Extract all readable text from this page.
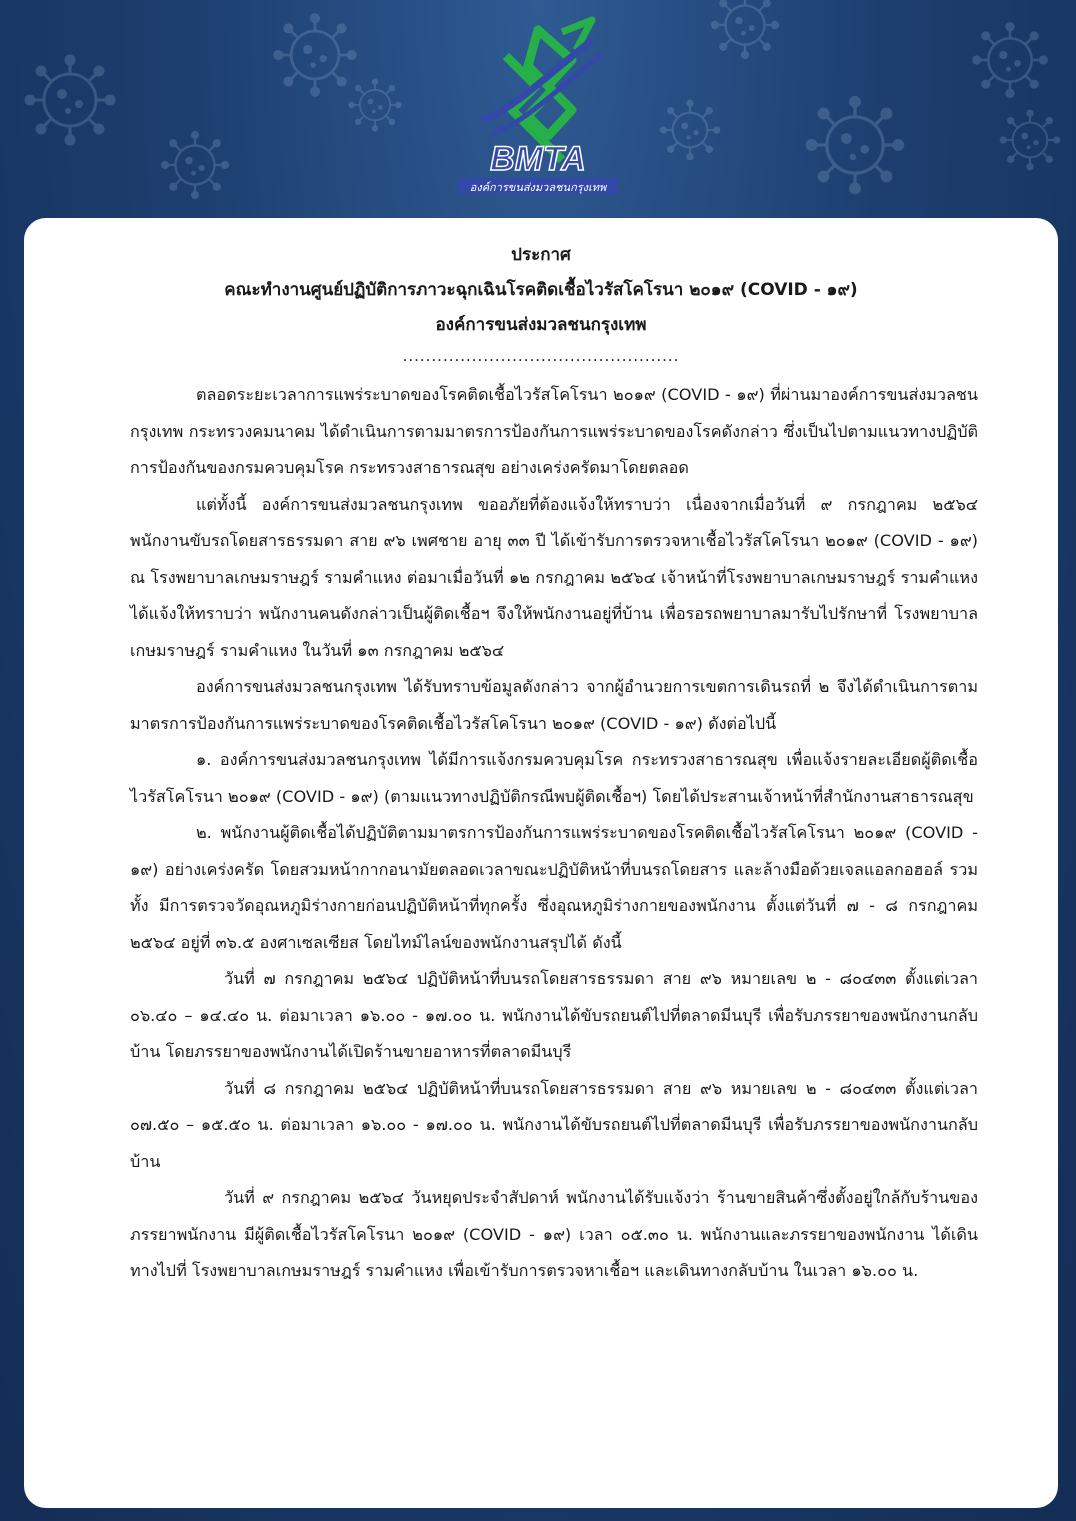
BMTA
องค์การขนส่งมวลชนกรุงเทพ
ประกาศ
คณะทำงานศูนย์ปฏิบัติการภาวะฉุกเฉินโรคติดเชื้อไวรัสโคโรนา ๒๐๑๙ (COVID - ๑๙)
องค์การขนส่งมวลชนกรุงเทพ
................................................

ตลอดระยะเวลาการแพร่ระบาดของโรคติดเชื้อไวรัสโคโรนา ๒๐๑๙ (COVID - ๑๙) ที่ผ่านมาองค์การขนส่งมวลชนกรุงเทพ กระทรวงคมนาคม ได้ดำเนินการตามมาตรการป้องกันการแพร่ระบาดของโรคดังกล่าว ซึ่งเป็นไปตามแนวทางปฏิบัติการป้องกันของกรมควบคุมโรค กระทรวงสาธารณสุข อย่างเคร่งครัดมาโดยตลอด

แต่ทั้งนี้ องค์การขนส่งมวลชนกรุงเทพ ขออภัยที่ต้องแจ้งให้ทราบว่า เนื่องจากเมื่อวันที่ ๙ กรกฎาคม ๒๕๖๔ พนักงานขับรถโดยสารธรรมดา สาย ๙๖ เพศชาย อายุ ๓๓ ปี ได้เข้ารับการตรวจหาเชื้อไวรัสโคโรนา ๒๐๑๙ (COVID - ๑๙) ณ โรงพยาบาลเกษมราษฎร์ รามคำแหง ต่อมาเมื่อวันที่ ๑๒ กรกฎาคม ๒๕๖๔ เจ้าหน้าที่โรงพยาบาลเกษมราษฎร์ รามคำแหง ได้แจ้งให้ทราบว่า พนักงานคนดังกล่าวเป็นผู้ติดเชื้อฯ จึงให้พนักงานอยู่ที่บ้าน เพื่อรอรถพยาบาลมารับไปรักษาที่ โรงพยาบาลเกษมราษฎร์ รามคำแหง ในวันที่ ๑๓ กรกฎาคม ๒๕๖๔

องค์การขนส่งมวลชนกรุงเทพ ได้รับทราบข้อมูลดังกล่าว จากผู้อำนวยการเขตการเดินรถที่ ๒ จึงได้ดำเนินการตามมาตรการป้องกันการแพร่ระบาดของโรคติดเชื้อไวรัสโคโรนา ๒๐๑๙ (COVID - ๑๙) ดังต่อไปนี้

๑. องค์การขนส่งมวลชนกรุงเทพ ได้มีการแจ้งกรมควบคุมโรค กระทรวงสาธารณสุข เพื่อแจ้งรายละเอียดผู้ติดเชื้อไวรัสโคโรนา ๒๐๑๙ (COVID - ๑๙) (ตามแนวทางปฏิบัติกรณีพบผู้ติดเชื้อฯ) โดยได้ประสานเจ้าหน้าที่สำนักงานสาธารณสุข

๒. พนักงานผู้ติดเชื้อได้ปฏิบัติตามมาตรการป้องกันการแพร่ระบาดของโรคติดเชื้อไวรัสโคโรนา ๒๐๑๙ (COVID - ๑๙) อย่างเคร่งครัด โดยสวมหน้ากากอนามัยตลอดเวลาขณะปฏิบัติหน้าที่บนรถโดยสาร และล้างมือด้วยเจลแอลกอฮอล์ รวมทั้ง มีการตรวจวัดอุณหภูมิร่างกายก่อนปฏิบัติหน้าที่ทุกครั้ง ซึ่งอุณหภูมิร่างกายของพนักงาน ตั้งแต่วันที่ ๗ - ๘ กรกฎาคม ๒๕๖๔ อยู่ที่ ๓๖.๕ องศาเซลเซียส โดยไทม์ไลน์ของพนักงานสรุปได้ ดังนี้

วันที่ ๗ กรกฎาคม ๒๕๖๔ ปฏิบัติหน้าที่บนรถโดยสารธรรมดา สาย ๙๖ หมายเลข ๒ - ๘๐๔๓๓ ตั้งแต่เวลา ๐๖.๔๐ – ๑๔.๔๐ น. ต่อมาเวลา ๑๖.๐๐ - ๑๗.๐๐ น. พนักงานได้ขับรถยนต์ไปที่ตลาดมีนบุรี เพื่อรับภรรยาของพนักงานกลับบ้าน โดยภรรยาของพนักงานได้เปิดร้านขายอาหารที่ตลาดมีนบุรี

วันที่ ๘ กรกฎาคม ๒๕๖๔ ปฏิบัติหน้าที่บนรถโดยสารธรรมดา สาย ๙๖ หมายเลข ๒ - ๘๐๔๓๓ ตั้งแต่เวลา ๐๗.๕๐ – ๑๕.๕๐ น. ต่อมาเวลา ๑๖.๐๐ - ๑๗.๐๐ น. พนักงานได้ขับรถยนต์ไปที่ตลาดมีนบุรี เพื่อรับภรรยาของพนักงานกลับบ้าน

วันที่ ๙ กรกฎาคม ๒๕๖๔ วันหยุดประจำสัปดาห์ พนักงานได้รับแจ้งว่า ร้านขายสินค้าซึ่งตั้งอยู่ใกล้กับร้านของภรรยาพนักงาน มีผู้ติดเชื้อไวรัสโคโรนา ๒๐๑๙ (COVID - ๑๙) เวลา ๐๕.๓๐ น. พนักงานและภรรยาของพนักงาน ได้เดินทางไปที่ โรงพยาบาลเกษมราษฎร์ รามคำแหง เพื่อเข้ารับการตรวจหาเชื้อฯ และเดินทางกลับบ้าน ในเวลา ๑๖.๐๐ น.
